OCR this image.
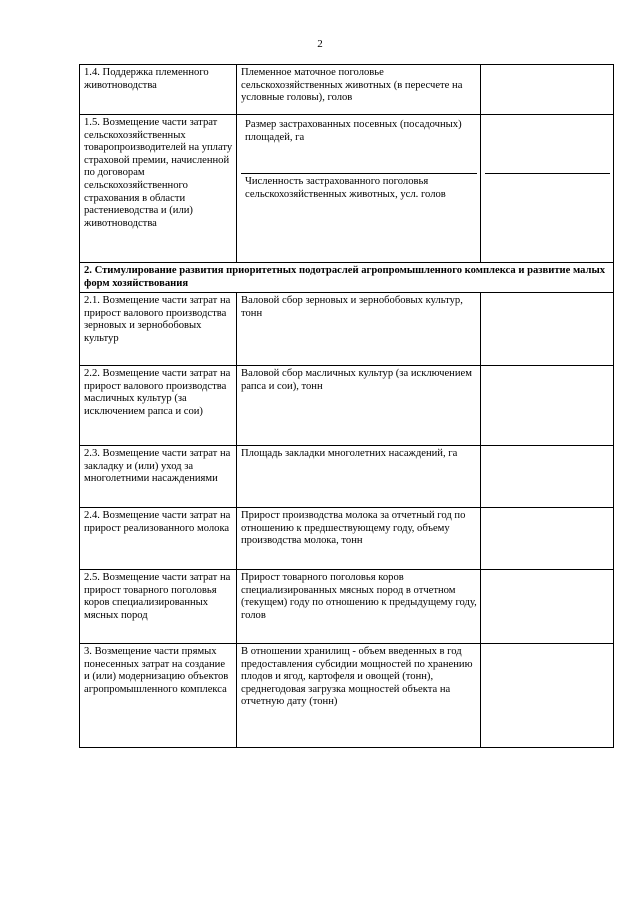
2
1.4. Поддержка племенного животноводства	Племенное маточное поголовье сельскохозяйственных животных (в пересчете на условные головы), голов	
1.5. Возмещение части затрат сельскохозяйственных товаропроизводителей на уплату страховой премии, начисленной по договорам сельскохозяйственного страхования в области растениеводства и (или) животноводства	Размер застрахованных посевных (посадочных) площадей, га
Численность застрахованного поголовья сельскохозяйственных животных, усл. голов	

2. Стимулирование развития приоритетных подотраслей агропромышленного комплекса и развитие малых форм хозяйствования		
2.1. Возмещение части затрат на прирост валового производства зерновых и зернобобовых культур	Валовой сбор зерновых и зернобобовых культур, тонн	
2.2. Возмещение части затрат на прирост валового производства масличных культур (за исключением рапса и сои)	Валовой сбор масличных культур (за исключением рапса и сои), тонн	
2.3. Возмещение части затрат на закладку и (или) уход за многолетними насаждениями	Площадь закладки многолетних насаждений, га	
2.4. Возмещение части затрат на прирост реализованного молока	Прирост производства молока за отчетный год по отношению к предшествующему году, объему производства молока, тонн	
2.5. Возмещение части затрат на прирост товарного поголовья коров специализированных мясных пород	Прирост товарного поголовья коров специализированных мясных пород в отчетном (текущем) году по отношению к предыдущему году, голов	
3. Возмещение части прямых понесенных затрат на создание и (или) модернизацию объектов агропромышленного комплекса	В отношении хранилищ - объем введенных в год предоставления субсидии мощностей по хранению плодов и ягод, картофеля и овощей (тонн), среднегодовая загрузка мощностей объекта на отчетную дату (тонн)	
